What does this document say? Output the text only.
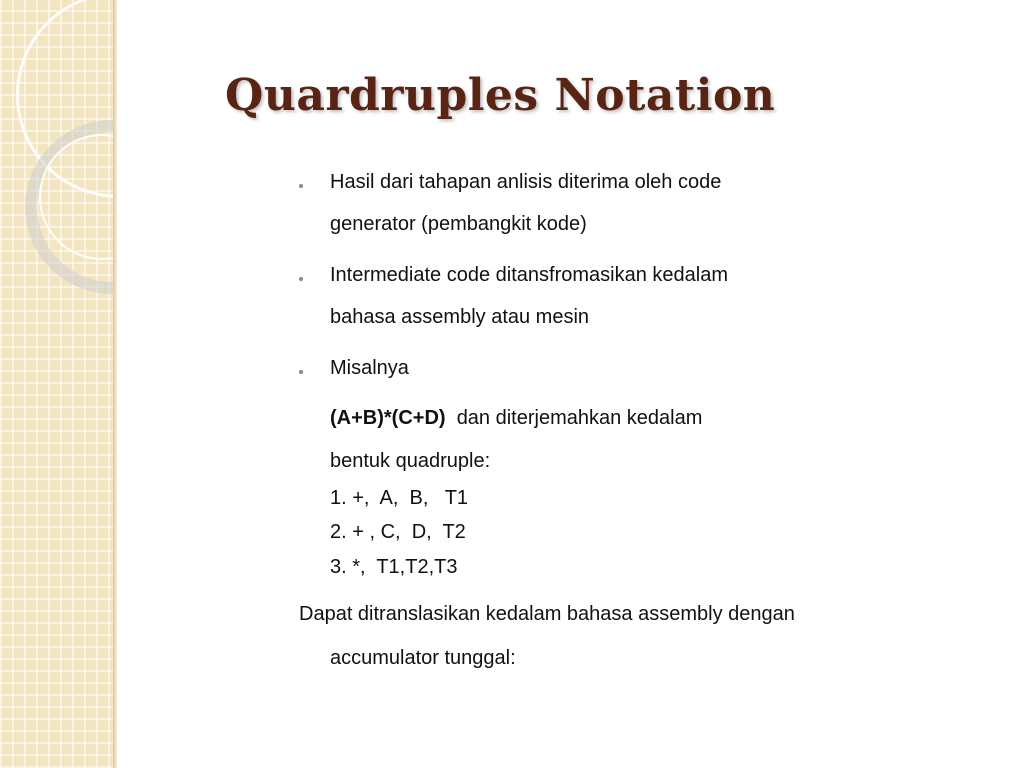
Quardruples Notation
Hasil dari tahapan anlisis diterima oleh code
generator (pembangkit kode)
Intermediate code ditansfromasikan kedalam
bahasa assembly atau mesin
Misalnya
(A+B)*(C+D) dan diterjemahkan kedalam
bentuk quadruple:
1. +,  A,  B,   T1
2. + , C,  D,  T2
3. *,  T1,T2,T3
Dapat ditranslasikan kedalam bahasa assembly dengan
accumulator tunggal:
